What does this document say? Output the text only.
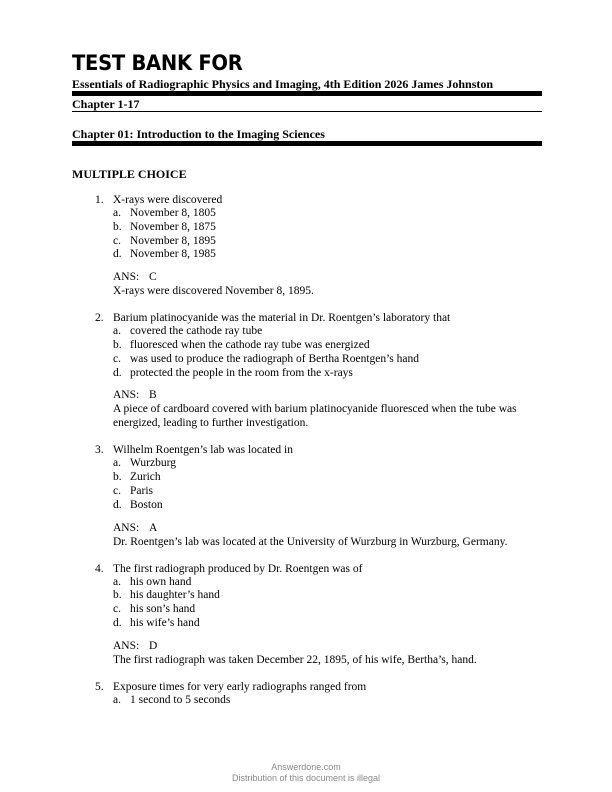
TEST BANK FOR
Essentials of Radiographic Physics and Imaging, 4th Edition 2026 James Johnston
Chapter 1-17
Chapter 01: Introduction to the Imaging Sciences
MULTIPLE CHOICE
1. X-rays were discovered
a. November 8, 1805
b. November 8, 1875
c. November 8, 1895
d. November 8, 1985
ANS: C
X-rays were discovered November 8, 1895.
2. Barium platinocyanide was the material in Dr. Roentgen’s laboratory that
a. covered the cathode ray tube
b. fluoresced when the cathode ray tube was energized
c. was used to produce the radiograph of Bertha Roentgen’s hand
d. protected the people in the room from the x-rays
ANS: B
A piece of cardboard covered with barium platinocyanide fluoresced when the tube was energized, leading to further investigation.
3. Wilhelm Roentgen’s lab was located in
a. Wurzburg
b. Zurich
c. Paris
d. Boston
ANS: A
Dr. Roentgen’s lab was located at the University of Wurzburg in Wurzburg, Germany.
4. The first radiograph produced by Dr. Roentgen was of
a. his own hand
b. his daughter’s hand
c. his son’s hand
d. his wife’s hand
ANS: D
The first radiograph was taken December 22, 1895, of his wife, Bertha’s, hand.
5. Exposure times for very early radiographs ranged from
a. 1 second to 5 seconds
Answerdone.com
Distribution of this document is illegal
